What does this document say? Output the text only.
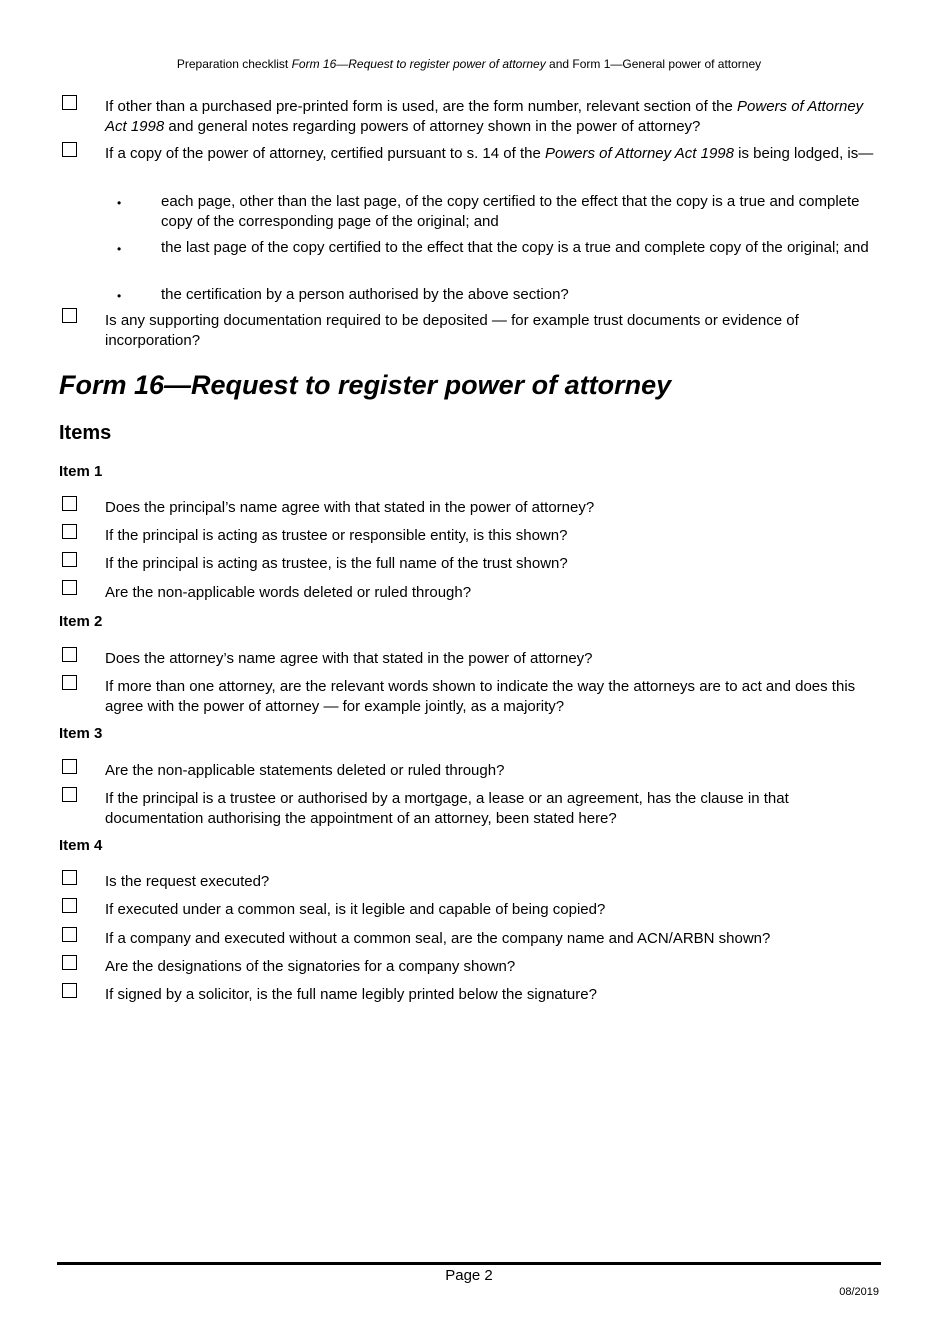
Preparation checklist Form 16—Request to register power of attorney and Form 1—General power of attorney
If other than a purchased pre-printed form is used, are the form number, relevant section of the Powers of Attorney Act 1998 and general notes regarding powers of attorney shown in the power of attorney?
If a copy of the power of attorney, certified pursuant to s. 14 of the Powers of Attorney Act 1998 is being lodged, is—
•	each page, other than the last page, of the copy certified to the effect that the copy is a true and complete copy of the corresponding page of the original; and
•	the last page of the copy certified to the effect that the copy is a true and complete copy of the original; and
•	the certification by a person authorised by the above section?
Is any supporting documentation required to be deposited — for example trust documents or evidence of incorporation?
Form 16—Request to register power of attorney
Items
Item 1
Does the principal’s name agree with that stated in the power of attorney?
If the principal is acting as trustee or responsible entity, is this shown?
If the principal is acting as trustee, is the full name of the trust shown?
Are the non-applicable words deleted or ruled through?
Item 2
Does the attorney’s name agree with that stated in the power of attorney?
If more than one attorney, are the relevant words shown to indicate the way the attorneys are to act and does this agree with the power of attorney — for example jointly, as a majority?
Item 3
Are the non-applicable statements deleted or ruled through?
If the principal is a trustee or authorised by a mortgage, a lease or an agreement, has the clause in that documentation authorising the appointment of an attorney, been stated here?
Item 4
Is the request executed?
If executed under a common seal, is it legible and capable of being copied?
If a company and executed without a common seal, are the company name and ACN/ARBN shown?
Are the designations of the signatories for a company shown?
If signed by a solicitor, is the full name legibly printed below the signature?
Page 2
08/2019
